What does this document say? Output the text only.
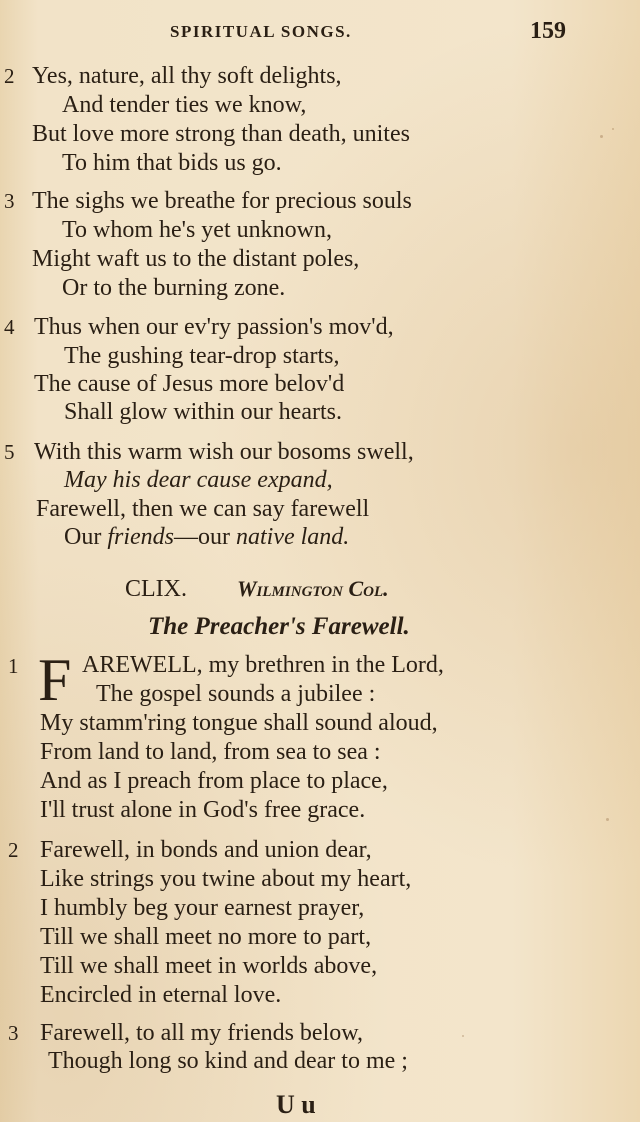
SPIRITUAL SONGS.	159
2 Yes, nature, all thy soft delights,
And tender ties we know,
But love more strong than death, unites
To him that bids us go.
3 The sighs we breathe for precious souls
To whom he's yet unknown,
Might waft us to the distant poles,
Or to the burning zone.
4 Thus when our ev'ry passion's mov'd,
The gushing tear-drop starts,
The cause of Jesus more belov'd
Shall glow within our hearts.
5 With this warm wish our bosoms swell,
May his dear cause expand,
Farewell, then we can say farewell
Our friends—our native land.
CLIX. Wilmington Col.
The Preacher's Farewell.
1 F AREWELL, my brethren in the Lord,
The gospel sounds a jubilee :
My stamm'ring tongue shall sound aloud,
From land to land, from sea to sea :
And as I preach from place to place,
I'll trust alone in God's free grace.
2 Farewell, in bonds and union dear,
Like strings you twine about my heart,
I humbly beg your earnest prayer,
Till we shall meet no more to part,
Till we shall meet in worlds above,
Encircled in eternal love.
3 Farewell, to all my friends below,
Though long so kind and dear to me ;
U u
